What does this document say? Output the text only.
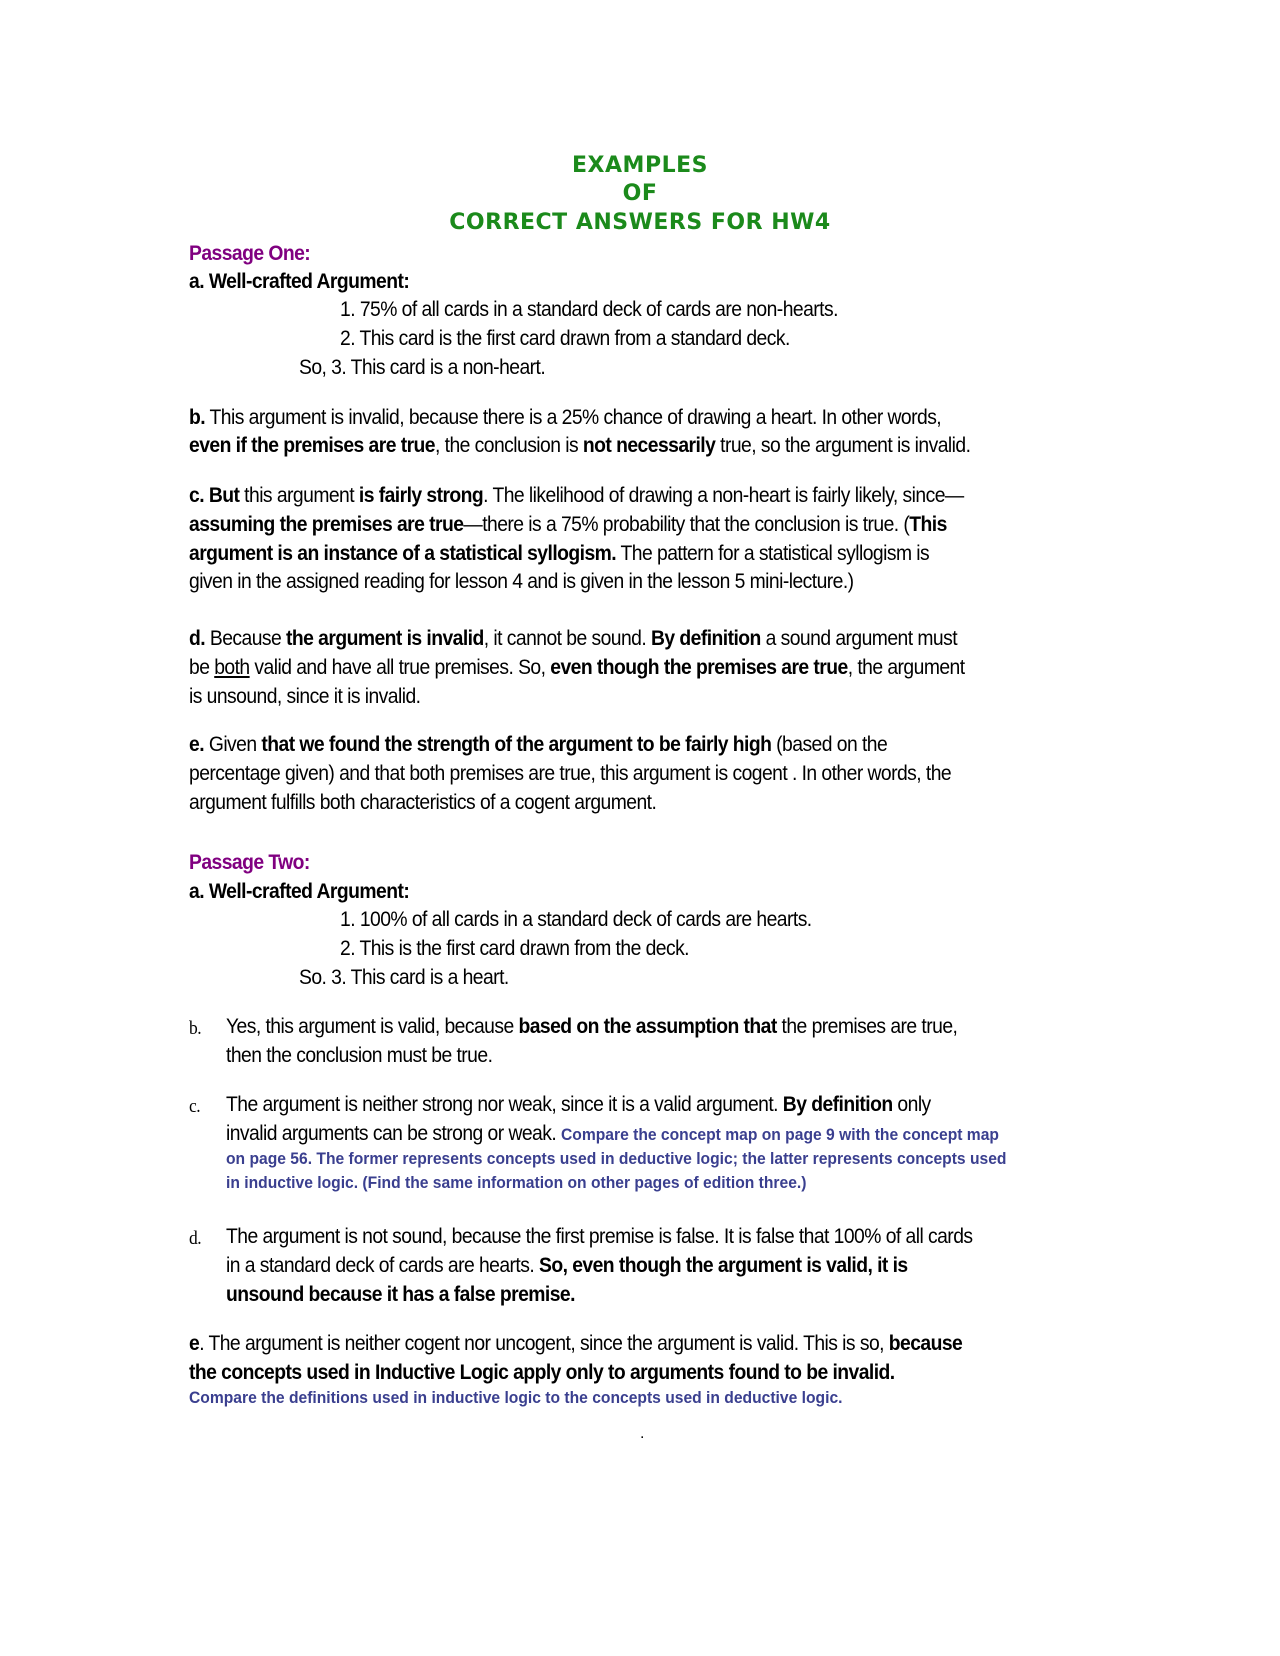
EXAMPLES
OF
CORRECT ANSWERS FOR HW4
Passage One:
a. Well-crafted Argument:
1. 75% of all cards in a standard deck of cards are non-hearts.
2. This card is the first card drawn from a standard deck.
So, 3. This card is a non-heart.
b. This argument is invalid, because there is a 25% chance of drawing a heart. In other words,
even if the premises are true, the conclusion is not necessarily true, so the argument is invalid.
c. But this argument is fairly strong. The likelihood of drawing a non-heart is fairly likely, since—
assuming the premises are true—there is a 75% probability that the conclusion is true. (This
argument is an instance of a statistical syllogism. The pattern for a statistical syllogism is
given in the assigned reading for lesson 4 and is given in the lesson 5 mini-lecture.)
d. Because the argument is invalid, it cannot be sound. By definition a sound argument must
be both valid and have all true premises. So, even though the premises are true, the argument
is unsound, since it is invalid.
e. Given that we found the strength of the argument to be fairly high (based on the
percentage given) and that both premises are true, this argument is cogent . In other words, the
argument fulfills both characteristics of a cogent argument.
Passage Two:
a. Well-crafted Argument:
1. 100% of all cards in a standard deck of cards are hearts.
2. This is the first card drawn from the deck.
So. 3. This card is a heart.
b. Yes, this argument is valid, because based on the assumption that the premises are true,
then the conclusion must be true.
c. The argument is neither strong nor weak, since it is a valid argument. By definition only
invalid arguments can be strong or weak. Compare the concept map on page 9 with the concept map
on page 56. The former represents concepts used in deductive logic; the latter represents concepts used
in inductive logic. (Find the same information on other pages of edition three.)
d. The argument is not sound, because the first premise is false. It is false that 100% of all cards
in a standard deck of cards are hearts. So, even though the argument is valid, it is
unsound because it has a false premise.
e. The argument is neither cogent nor uncogent, since the argument is valid. This is so, because
the concepts used in Inductive Logic apply only to arguments found to be invalid.
Compare the definitions used in inductive logic to the concepts used in deductive logic.
.
